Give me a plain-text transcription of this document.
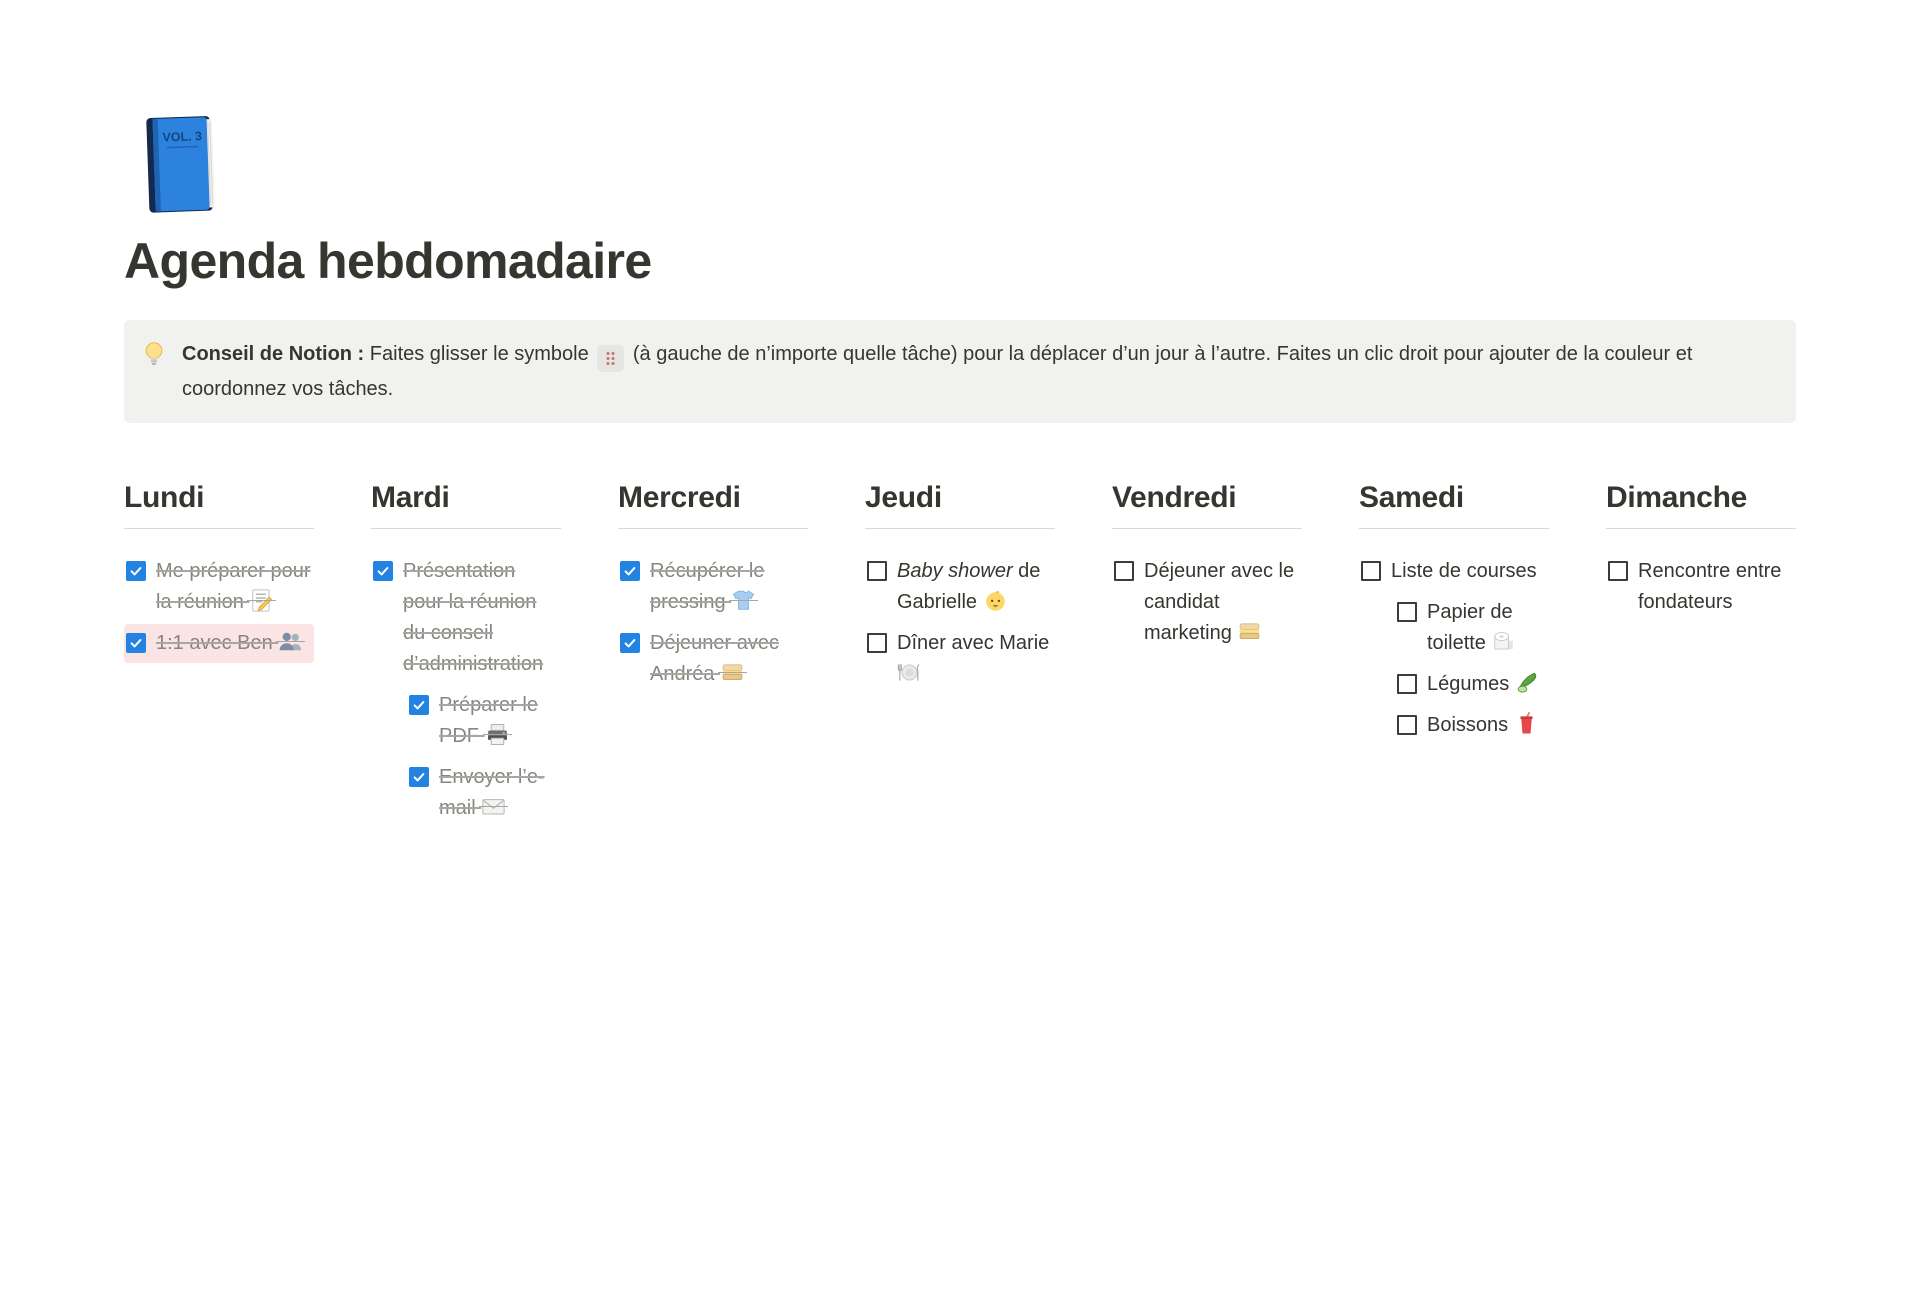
VOL. 3
Agenda hebdomadaire
Conseil de Notion : Faites glisser le symbole (à gauche de n’importe quelle tâche) pour la déplacer d’un jour à l’autre. Faites un clic droit pour ajouter de la couleur et coordonnez vos tâches.
Lundi
Me préparer pour la réunion
1:1 avec Ben
Mardi
Présentation pour la réunion du conseil d’administration
Préparer le PDF
Envoyer l’e-mail
Mercredi
Récupérer le pressing
Déjeuner avec Andréa
Jeudi
Baby shower de Gabrielle
Dîner avec Marie
Vendredi
Déjeuner avec le candidat marketing
Samedi
Liste de courses
Papier de toilette
Légumes
Boissons
Dimanche
Rencontre entre fondateurs
